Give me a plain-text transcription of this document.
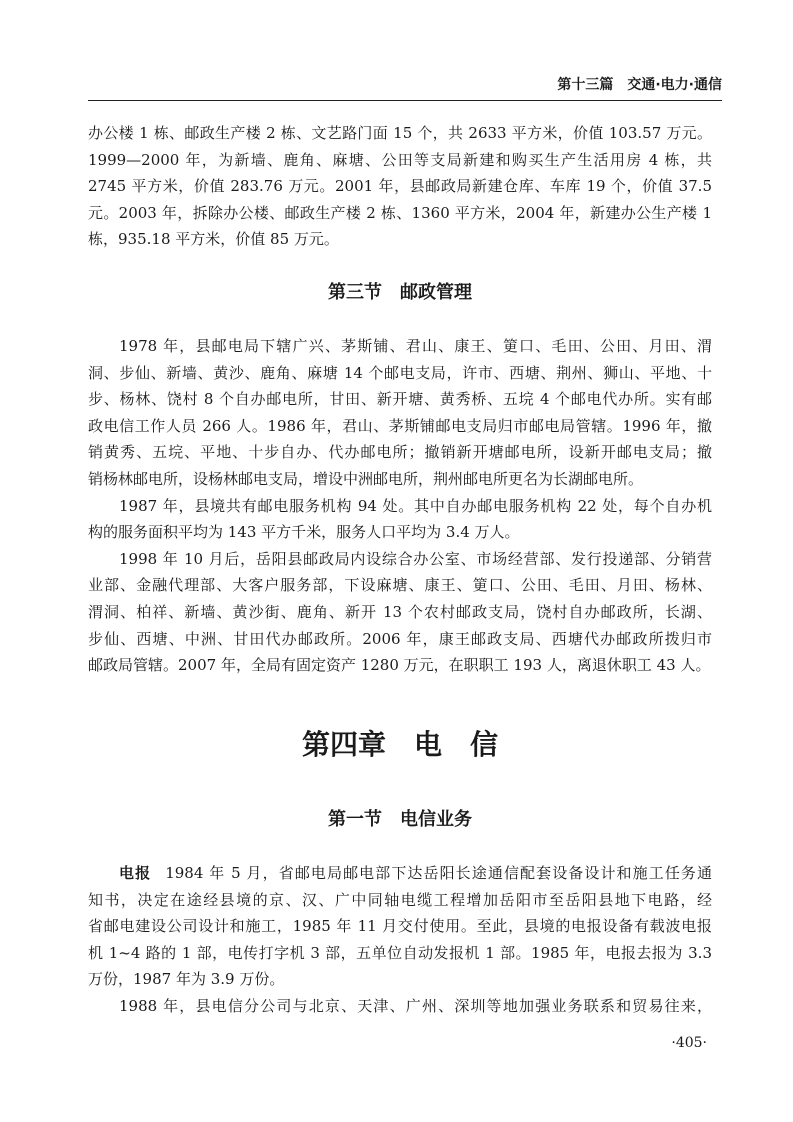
第十三篇　交通·电力·通信
办公楼 1 栋、邮政生产楼 2 栋、文艺路门面 15 个，共 2633 平方米，价值 103.57 万元。
1999—2000 年，为新墙、鹿角、麻塘、公田等支局新建和购买生产生活用房 4 栋，共
2745 平方米，价值 283.76 万元。2001 年，县邮政局新建仓库、车库 19 个，价值 37.5
元。2003 年，拆除办公楼、邮政生产楼 2 栋、1360 平方米，2004 年，新建办公生产楼 1
栋，935.18 平方米，价值 85 万元。
第三节　邮政管理
1978 年，县邮电局下辖广兴、茅斯铺、君山、康王、筻口、毛田、公田、月田、渭
洞、步仙、新墙、黄沙、鹿角、麻塘 14 个邮电支局，许市、西塘、荆州、狮山、平地、十
步、杨林、饶村 8 个自办邮电所，甘田、新开塘、黄秀桥、五垸 4 个邮电代办所。实有邮
政电信工作人员 266 人。1986 年，君山、茅斯铺邮电支局归市邮电局管辖。1996 年，撤
销黄秀、五垸、平地、十步自办、代办邮电所；撤销新开塘邮电所，设新开邮电支局；撤
销杨林邮电所，设杨林邮电支局，增设中洲邮电所，荆州邮电所更名为长湖邮电所。
1987 年，县境共有邮电服务机构 94 处。其中自办邮电服务机构 22 处，每个自办机
构的服务面积平均为 143 平方千米，服务人口平均为 3.4 万人。
1998 年 10 月后，岳阳县邮政局内设综合办公室、市场经营部、发行投递部、分销营
业部、金融代理部、大客户服务部，下设麻塘、康王、筻口、公田、毛田、月田、杨林、
渭洞、柏祥、新墙、黄沙街、鹿角、新开 13 个农村邮政支局，饶村自办邮政所，长湖、
步仙、西塘、中洲、甘田代办邮政所。2006 年，康王邮政支局、西塘代办邮政所拨归市
邮政局管辖。2007 年，全局有固定资产 1280 万元，在职职工 193 人，离退休职工 43 人。
第四章　电　信
第一节　电信业务
电报 1984 年 5 月，省邮电局邮电部下达岳阳长途通信配套设备设计和施工任务通
知书，决定在途经县境的京、汉、广中同轴电缆工程增加岳阳市至岳阳县地下电路，经
省邮电建设公司设计和施工，1985 年 11 月交付使用。至此，县境的电报设备有载波电报
机 1~4 路的 1 部，电传打字机 3 部，五单位自动发报机 1 部。1985 年，电报去报为 3.3
万份，1987 年为 3.9 万份。
1988 年，县电信分公司与北京、天津、广州、深圳等地加强业务联系和贸易往来，
·405·
